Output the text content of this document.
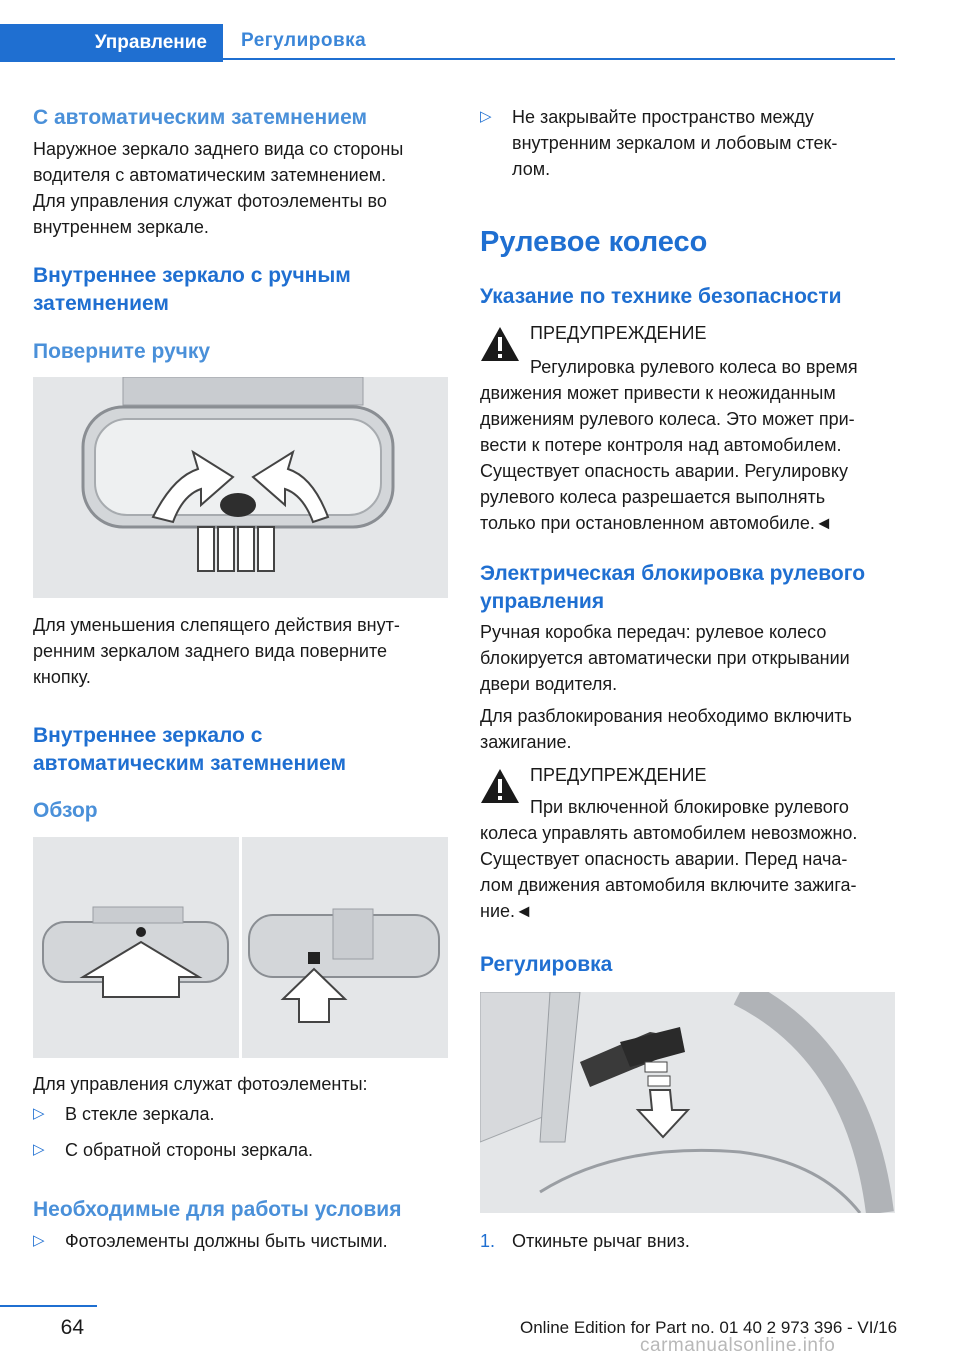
Управление	Регулировка
С автоматическим затемнением
Наружное зеркало заднего вида со стороны
водителя с автоматическим затемнением.
Для управления служат фотоэлементы во
внутреннем зеркале.
Внутреннее зеркало с ручным
затемнением
Поверните ручку
Для уменьшения слепящего действия внут‐
ренним зеркалом заднего вида поверните
кнопку.
Внутреннее зеркало с
автоматическим затемнением
Обзор
Для управления служат фотоэлементы:
▷	В стекле зеркала.
▷	С обратной стороны зеркала.
Необходимые для работы условия
▷	Фотоэлементы должны быть чистыми.
▷	Не закрывайте пространство между
внутренним зеркалом и лобовым стек‐
лом.
Рулевое колесо
Указание по технике безопасности
ПРЕДУПРЕЖДЕНИЕ
Регулировка рулевого колеса во время
движения может привести к неожиданным
движениям рулевого колеса. Это может при‐
вести к потере контроля над автомобилем.
Существует опасность аварии. Регулировку
рулевого колеса разрешается выполнять
только при остановленном автомобиле.◄
Электрическая блокировка рулевого
управления
Ручная коробка передач: рулевое колесо
блокируется автоматически при открывании
двери водителя.
Для разблокирования необходимо включить
зажигание.
ПРЕДУПРЕЖДЕНИЕ
При включенной блокировке рулевого
колеса управлять автомобилем невозможно.
Существует опасность аварии. Перед нача‐
лом движения автомобиля включите зажига‐
ние.◄
Регулировка
1. Откиньте рычаг вниз.
64	Online Edition for Part no. 01 40 2 973 396 - VI/16
carmanualsonline.info
